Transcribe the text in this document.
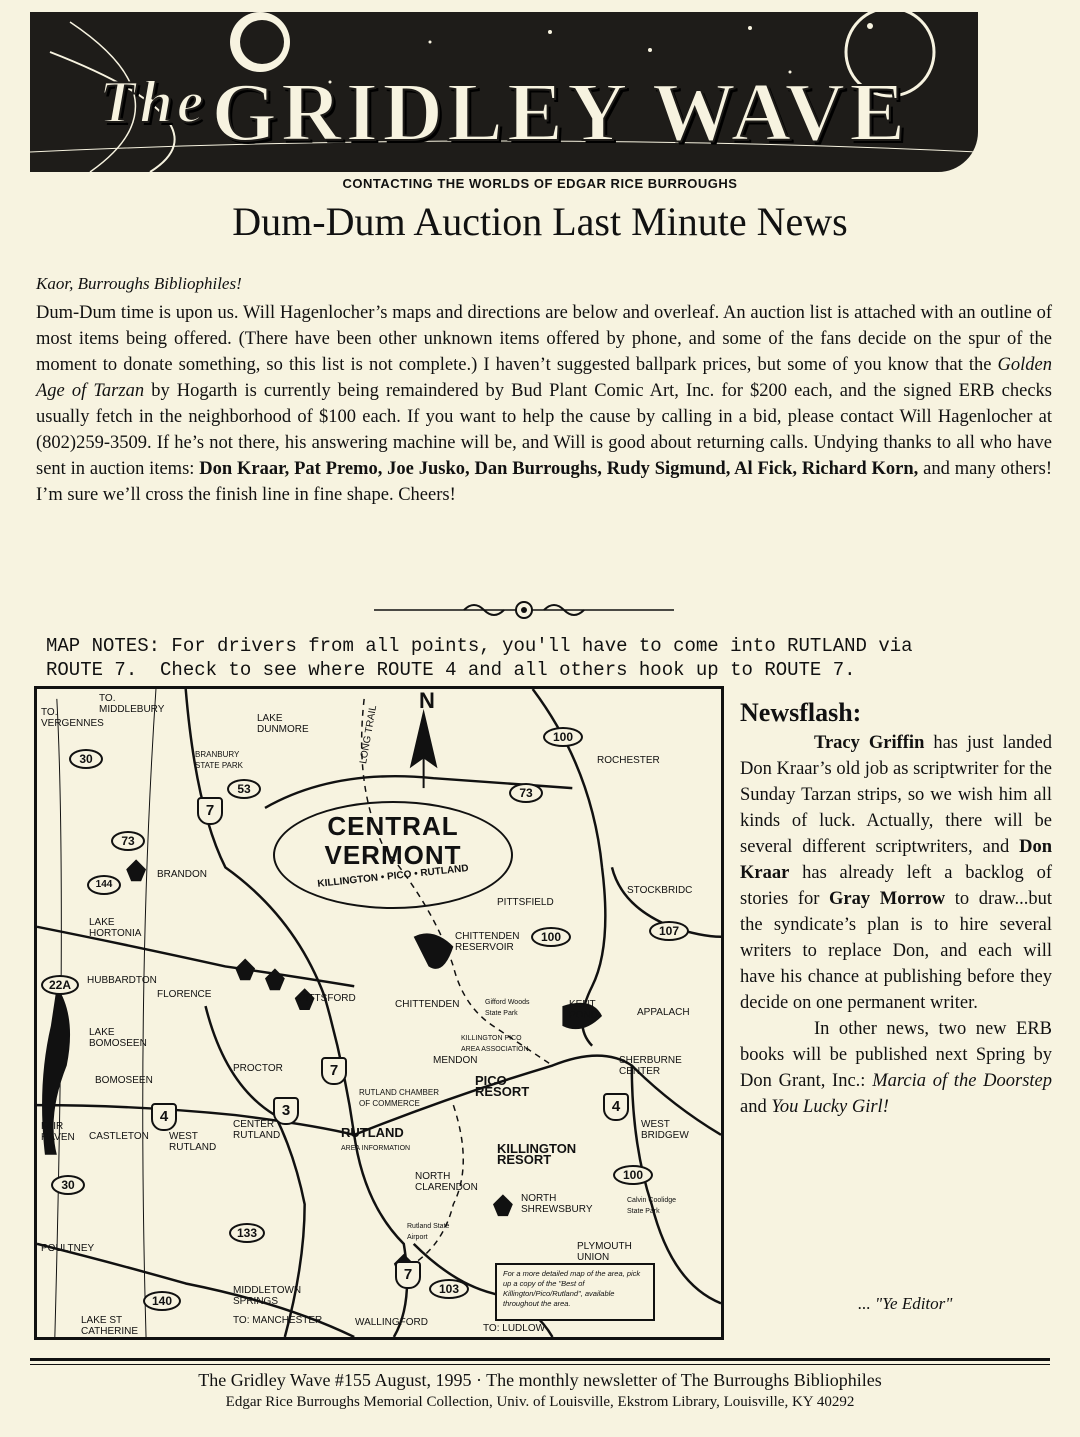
$^{The}$GRIDLEY WAVE
CONTACTING THE WORLDS OF EDGAR RICE BURROUGHS
Dum-Dum Auction Last Minute News
Kaor, Burroughs Bibliophiles!

Dum-Dum time is upon us. Will Hagenlocher’s maps and directions are below and overleaf. An auction list is attached with an outline of most items being offered. (There have been other unknown items offered by phone, and some of the fans decide on the spur of the moment to donate something, so this list is not complete.) I haven’t suggested ballpark prices, but some of you know that the Golden Age of Tarzan by Hogarth is currently being remaindered by Bud Plant Comic Art, Inc. for $200 each, and the signed ERB checks usually fetch in the neighborhood of $100 each. If you want to help the cause by calling in a bid, please contact Will Hagenlocher at (802)259-3509. If he’s not there, his answering machine will be, and Will is good about returning calls. Undying thanks to all who have sent in auction items: Don Kraar, Pat Premo, Joe Jusko, Dan Burroughs, Rudy Sigmund, Al Fick, Richard Korn, and many others! I’m sure we’ll cross the finish line in fine shape. Cheers!

MAP NOTES: For drivers from all points, you'll have to come into RUTLAND via
ROUTE 7.  Check to see where ROUTE 4 and all others hook up to ROUTE 7.
CENTRAL
VERMONT
KILLINGTON • PICO • RUTLAND
N
LONG TRAIL
TO. VERGENNES
TO. MIDDLEBURY
LAKE DUNMORE
BRANBURY STATE PARK	ROCHESTER
BRANDON
STOCKBRIDC
PITTSFIELD
LAKE HORTONIA	CHITTENDEN RESERVOIR
HUBBARDTON
FLORENCE	PITTSFORD
CHITTENDEN	Gifford Woods State Park
KENT POND	APPALACH
KILLINGTON PICO AREA ASSOCIATION
LAKE BOMOSEEN
PROCTOR
MENDON	SHERBURNE CENTER
BOMOSEEN
RUTLAND CHAMBER OF COMMERCE
PICO RESORT
FAIR HAVEN	CASTLETON WEST RUTLAND
CENTER RUTLAND	RUTLAND
AREA INFORMATION	KILLINGTON RESORT
WEST BRIDGEW
NORTH CLARENDON
NORTH SHREWSBURY
Calvin Coolidge State Park
Rutland State Airport
PLYMOUTH UNION
POULTNEY
MIDDLETOWN SPRINGS
LAKE ST CATHERINE
TO: MANCHESTER	WALLINGFORD
TO: LUDLOW
30
53
7
73
73
100
144
100	107
22A
7
3
4
4
30
100
133
140
7
103
For a more detailed map of the area, pick up a copy of the "Best of Killington/Pico/Rutland", available throughout the area.
Newsflash:

Tracy Griffin has just landed Don Kraar’s old job as scriptwriter for the Sunday Tarzan strips, so we wish him all kinds of luck. Actually, there will be several different scriptwriters, and Don Kraar has already left a backlog of stories for Gray Morrow to draw...but the syndicate’s plan is to hire several writers to replace Don, and each will have his chance at publishing before they decide on one permanent writer.

In other news, two new ERB books will be published next Spring by Don Grant, Inc.: Marcia of the Doorstep and You Lucky Girl!

... "Ye Editor"
The Gridley Wave #155 August, 1995 · The monthly newsletter of The Burroughs Bibliophiles
Edgar Rice Burroughs Memorial Collection, Univ. of Louisville, Ekstrom Library, Louisville, KY 40292
